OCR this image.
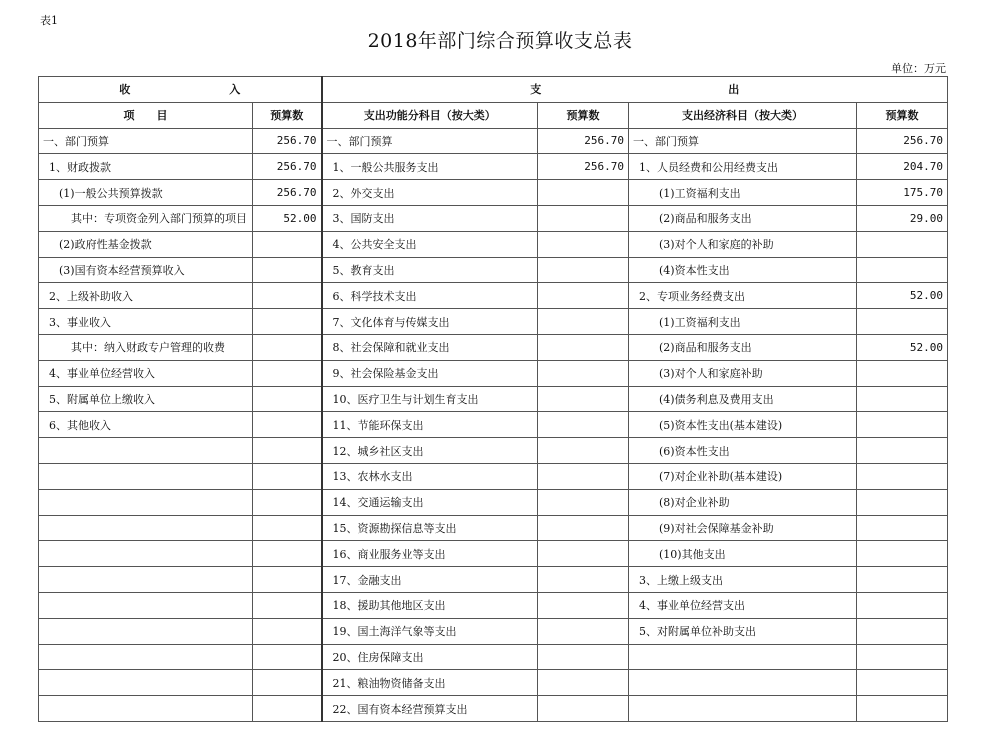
表1
2018年部门综合预算收支总表
单位：万元
收　　　　　　　　　入		支　　　　　　　　　　　　　　　　　出			
项　　目	预算数	支出功能分科目（按大类）	预算数	支出经济科目（按大类）	预算数
一、部门预算	256.70	一、部门预算	256.70	一、部门预算	256.70
1、财政拨款	256.70	1、一般公共服务支出	256.70	1、人员经费和公用经费支出	204.70
(1)一般公共预算拨款	256.70	2、外交支出		(1)工资福利支出	175.70
其中：专项资金列入部门预算的项目	52.00	3、国防支出		(2)商品和服务支出	29.00
(2)政府性基金拨款		4、公共安全支出		(3)对个人和家庭的补助	
(3)国有资本经营预算收入		5、教育支出		(4)资本性支出	
2、上级补助收入		6、科学技术支出		2、专项业务经费支出	52.00
3、事业收入		7、文化体育与传媒支出		(1)工资福利支出	
其中：纳入财政专户管理的收费		8、社会保障和就业支出		(2)商品和服务支出	52.00
4、事业单位经营收入		9、社会保险基金支出		(3)对个人和家庭补助	
5、附属单位上缴收入		10、医疗卫生与计划生育支出		(4)债务利息及费用支出	
6、其他收入		11、节能环保支出		(5)资本性支出(基本建设)	
		12、城乡社区支出		(6)资本性支出	
		13、农林水支出		(7)对企业补助(基本建设)	
		14、交通运输支出		(8)对企业补助	
		15、资源勘探信息等支出		(9)对社会保障基金补助	
		16、商业服务业等支出		(10)其他支出	
		17、金融支出		3、上缴上级支出	
		18、援助其他地区支出		4、事业单位经营支出	
		19、国土海洋气象等支出		5、对附属单位补助支出	
		20、住房保障支出			
		21、粮油物资储备支出			
		22、国有资本经营预算支出			
